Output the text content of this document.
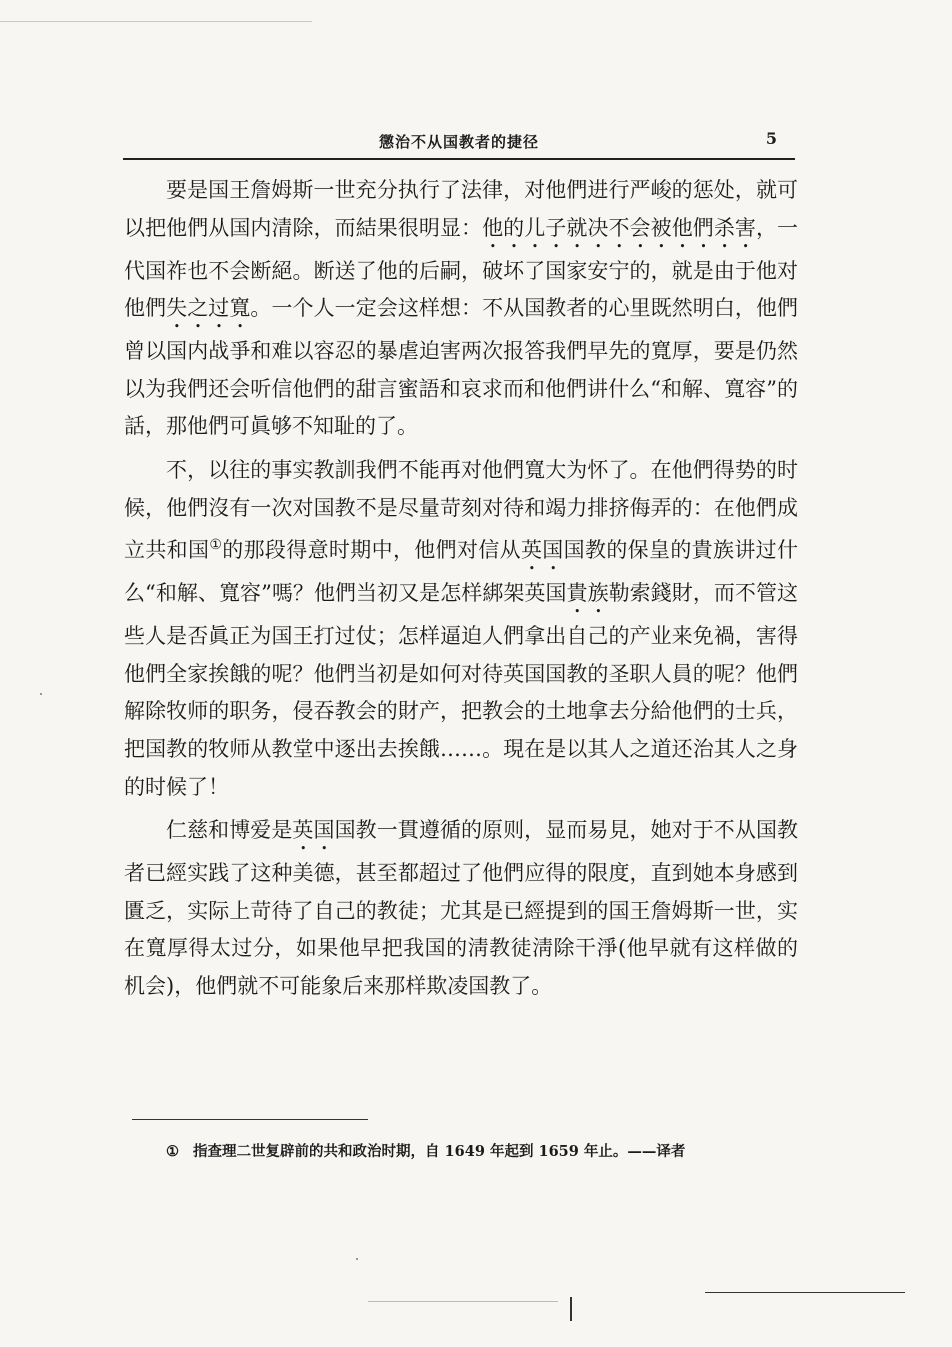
懲治不从国教者的捷径	5

要是国王詹姆斯一世充分执行了法律，对他們进行严峻的惩处，就可以把他們从国内清除，而結果很明显：他的儿子就决不会被他們杀害，一代国祚也不会断絕。断送了他的后嗣，破坏了国家安宁的，就是由于他对他們失之过寬。一个人一定会这样想：不从国教者的心里既然明白，他們曾以国内战爭和难以容忍的暴虐迫害两次报答我們早先的寬厚，要是仍然以为我們还会听信他們的甜言蜜語和哀求而和他們讲什么“和解、寬容”的話，那他們可眞够不知耻的了。

不，以往的事实教訓我們不能再对他們寬大为怀了。在他們得势的时候，他們沒有一次对国教不是尽量苛刻对待和竭力排挤侮弄的：在他們成立共和国①的那段得意时期中，他們对信从英国国教的保皇的貴族讲过什么“和解、寬容”嗎？他們当初又是怎样綁架英国貴族勒索錢財，而不管这些人是否眞正为国王打过仗；怎样逼迫人們拿出自己的产业来免禍，害得他們全家挨餓的呢？他們当初是如何对待英国国教的圣职人員的呢？他們解除牧师的职务，侵吞教会的財产，把教会的土地拿去分給他們的士兵，把国教的牧师从教堂中逐出去挨餓……。現在是以其人之道还治其人之身的时候了！

仁慈和博爱是英国国教一貫遵循的原则，显而易見，她对于不从国教者已經实践了这种美德，甚至都超过了他們应得的限度，直到她本身感到匱乏，实际上苛待了自己的教徒；尤其是已經提到的国王詹姆斯一世，实在寬厚得太过分，如果他早把我国的淸教徒淸除干淨(他早就有这样做的机会)，他們就不可能象后来那样欺凌国教了。

① 指查理二世复辟前的共和政治时期，自 1649 年起到 1659 年止。——译者
